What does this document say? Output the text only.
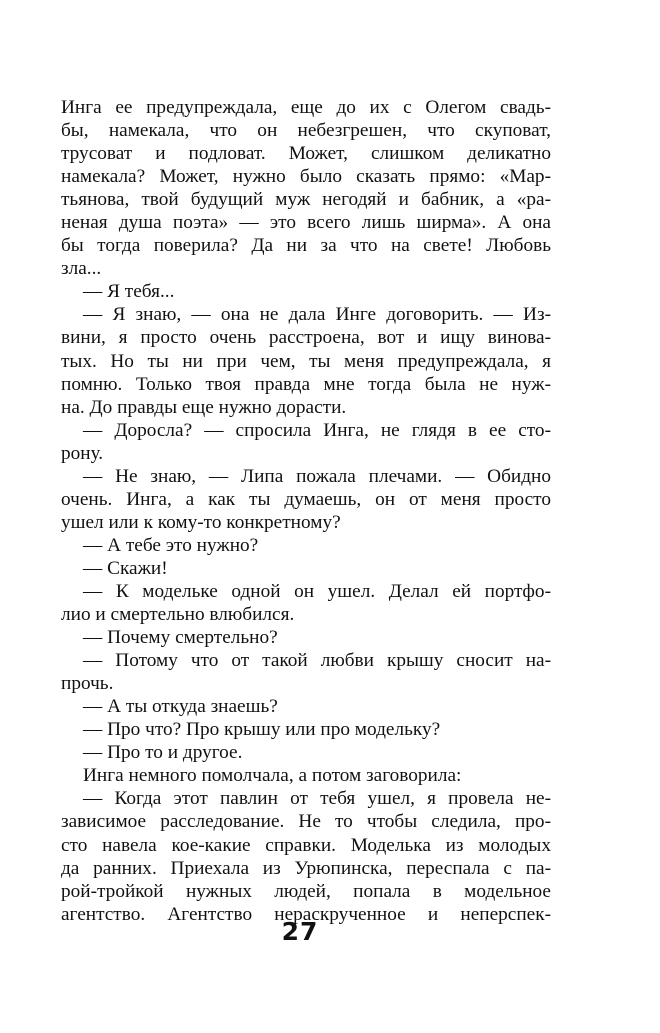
Инга ее предупреждала, еще до их с Олегом свадь-
бы, намекала, что он небезгрешен, что скуповат,
трусоват и подловат. Может, слишком деликатно
намекала? Может, нужно было сказать прямо: «Мар-
тьянова, твой будущий муж негодяй и бабник, а «ра-
неная душа поэта» — это всего лишь ширма». А она
бы тогда поверила? Да ни за что на свете! Любовь
зла...
— Я тебя...
— Я знаю, — она не дала Инге договорить. — Из-
вини, я просто очень расстроена, вот и ищу винова-
тых. Но ты ни при чем, ты меня предупреждала, я
помню. Только твоя правда мне тогда была не нуж-
на. До правды еще нужно дорасти.
— Доросла? — спросила Инга, не глядя в ее сто-
рону.
— Не знаю, — Липа пожала плечами. — Обидно
очень. Инга, а как ты думаешь, он от меня просто
ушел или к кому-то конкретному?
— А тебе это нужно?
— Скажи!
— К модельке одной он ушел. Делал ей портфо-
лио и смертельно влюбился.
— Почему смертельно?
— Потому что от такой любви крышу сносит на-
прочь.
— А ты откуда знаешь?
— Про что? Про крышу или про модельку?
— Про то и другое.
Инга немного помолчала, а потом заговорила:
— Когда этот павлин от тебя ушел, я провела не-
зависимое расследование. Не то чтобы следила, про-
сто навела кое-какие справки. Моделька из молодых
да ранних. Приехала из Урюпинска, переспала с па-
рой-тройкой нужных людей, попала в модельное
агентство. Агентство нераскрученное и неперспек-
27
